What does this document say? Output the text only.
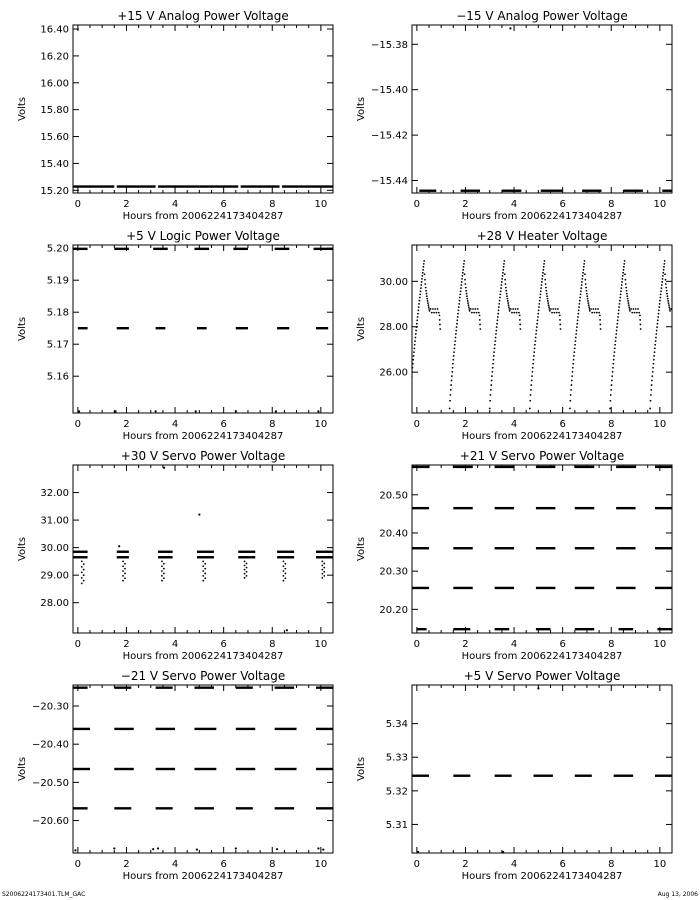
+15 V Analog Power Voltage
0	2	4	6	8	10
15.20
15.40
15.60
15.80
16.00
16.20
16.40
Hours from 2006224173404287
Volts
−15 V Analog Power Voltage
0	2	4	6	8	10
−15.44
−15.42
−15.40
−15.38
Hours from 2006224173404287
Volts
+5 V Logic Power Voltage
0	2	4	6	8	10
5.16
5.17
5.18
5.19
5.20
Hours from 2006224173404287
Volts
+28 V Heater Voltage
0	2	4	6	8	10
26.00
28.00
30.00
Hours from 2006224173404287
Volts
+30 V Servo Power Voltage
0	2	4	6	8	10
28.00
29.00
30.00
31.00
32.00
Hours from 2006224173404287
Volts
+21 V Servo Power Voltage
0	2	4	6	8	10
20.20
20.30
20.40
20.50
Hours from 2006224173404287
Volts
−21 V Servo Power Voltage
0	2	4	6	8	10
−20.60
−20.50
−20.40
−20.30
Hours from 2006224173404287
Volts
+5 V Servo Power Voltage
0	2	4	6	8	10
5.31
5.32
5.33
5.34
Hours from 2006224173404287
Volts
S2006224173401.TLM_GAC	Aug 13, 2006
